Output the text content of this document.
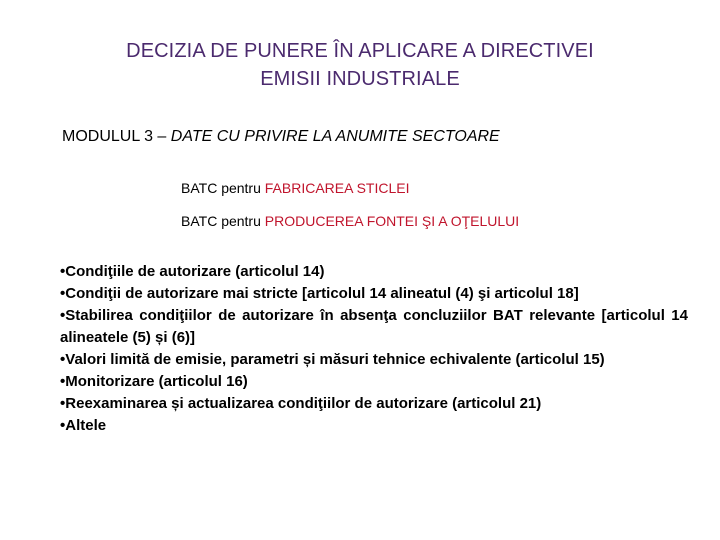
DECIZIA DE PUNERE ÎN APLICARE A DIRECTIVEI
EMISII INDUSTRIALE
MODULUL 3 – DATE CU PRIVIRE LA ANUMITE SECTOARE
BATC pentru FABRICAREA STICLEI
BATC pentru PRODUCEREA FONTEI ŞI A OŢELULUI
•Condiţiile de autorizare (articolul 14)
•Condiţii de autorizare mai stricte [articolul 14 alineatul (4) şi articolul 18]
•Stabilirea condiţiilor de autorizare în absenţa concluziilor BAT relevante [articolul 14 alineatele (5) și (6)]
•Valori limită de emisie, parametri și măsuri tehnice echivalente (articolul 15)
•Monitorizare (articolul 16)
•Reexaminarea și actualizarea condiţiilor de autorizare (articolul 21)
•Altele
